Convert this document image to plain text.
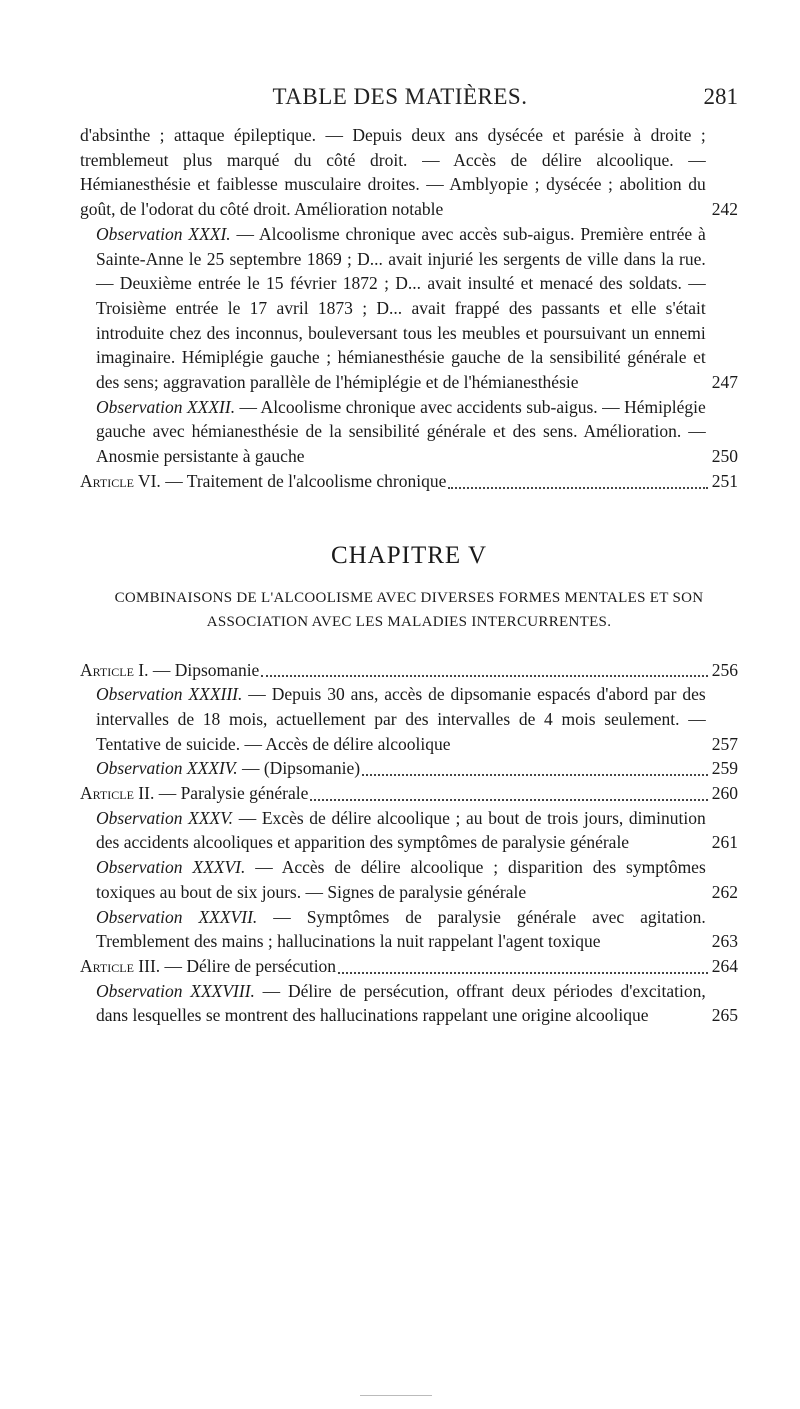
TABLE DES MATIÈRES.	281
d'absinthe ; attaque épileptique. — Depuis deux ans dysécée et parésie à droite ; tremblemeut plus marqué du côté droit. — Accès de délire alcoolique. — Hémianesthésie et faiblesse musculaire droites. — Amblyopie ; dysécée ; abolition du goût, de l'odorat du côté droit. Amélioration notable	242
Observation XXXI. — Alcoolisme chronique avec accès sub-aigus. Première entrée à Sainte-Anne le 25 septembre 1869 ; D... avait injurié les sergents de ville dans la rue. — Deuxième entrée le 15 février 1872 ; D... avait insulté et menacé des soldats. — Troisième entrée le 17 avril 1873 ; D... avait frappé des passants et elle s'était introduite chez des inconnus, bouleversant tous les meubles et poursuivant un ennemi imaginaire. Hémiplégie gauche ; hémianesthésie gauche de la sensibilité générale et des sens; aggravation parallèle de l'hémiplégie et de l'hémianesthésie	247
Observation XXXII. — Alcoolisme chronique avec accidents sub-aigus. — Hémiplégie gauche avec hémianesthésie de la sensibilité générale et des sens. Amélioration. — Anosmie persistante à gauche	250
Article VI. — Traitement de l'alcoolisme chronique	251
CHAPITRE V
COMBINAISONS DE L'ALCOOLISME AVEC DIVERSES FORMES MENTALES ET SON ASSOCIATION AVEC LES MALADIES INTERCURRENTES.
Article I. — Dipsomanie	256
Observation XXXIII. — Depuis 30 ans, accès de dipsomanie espacés d'abord par des intervalles de 18 mois, actuellement par des intervalles de 4 mois seulement. — Tentative de suicide. — Accès de délire alcoolique	257
Observation XXXIV. — (Dipsomanie)	259
Article II. — Paralysie générale	260
Observation XXXV. — Excès de délire alcoolique ; au bout de trois jours, diminution des accidents alcooliques et apparition des symptômes de paralysie générale	261
Observation XXXVI. — Accès de délire alcoolique ; disparition des symptômes toxiques au bout de six jours. — Signes de paralysie générale	262
Observation XXXVII. — Symptômes de paralysie générale avec agitation. Tremblement des mains ; hallucinations la nuit rappelant l'agent toxique	263
Article III. — Délire de persécution	264
Observation XXXVIII. — Délire de persécution, offrant deux périodes d'excitation, dans lesquelles se montrent des hallucinations rappelant une origine alcoolique	265
